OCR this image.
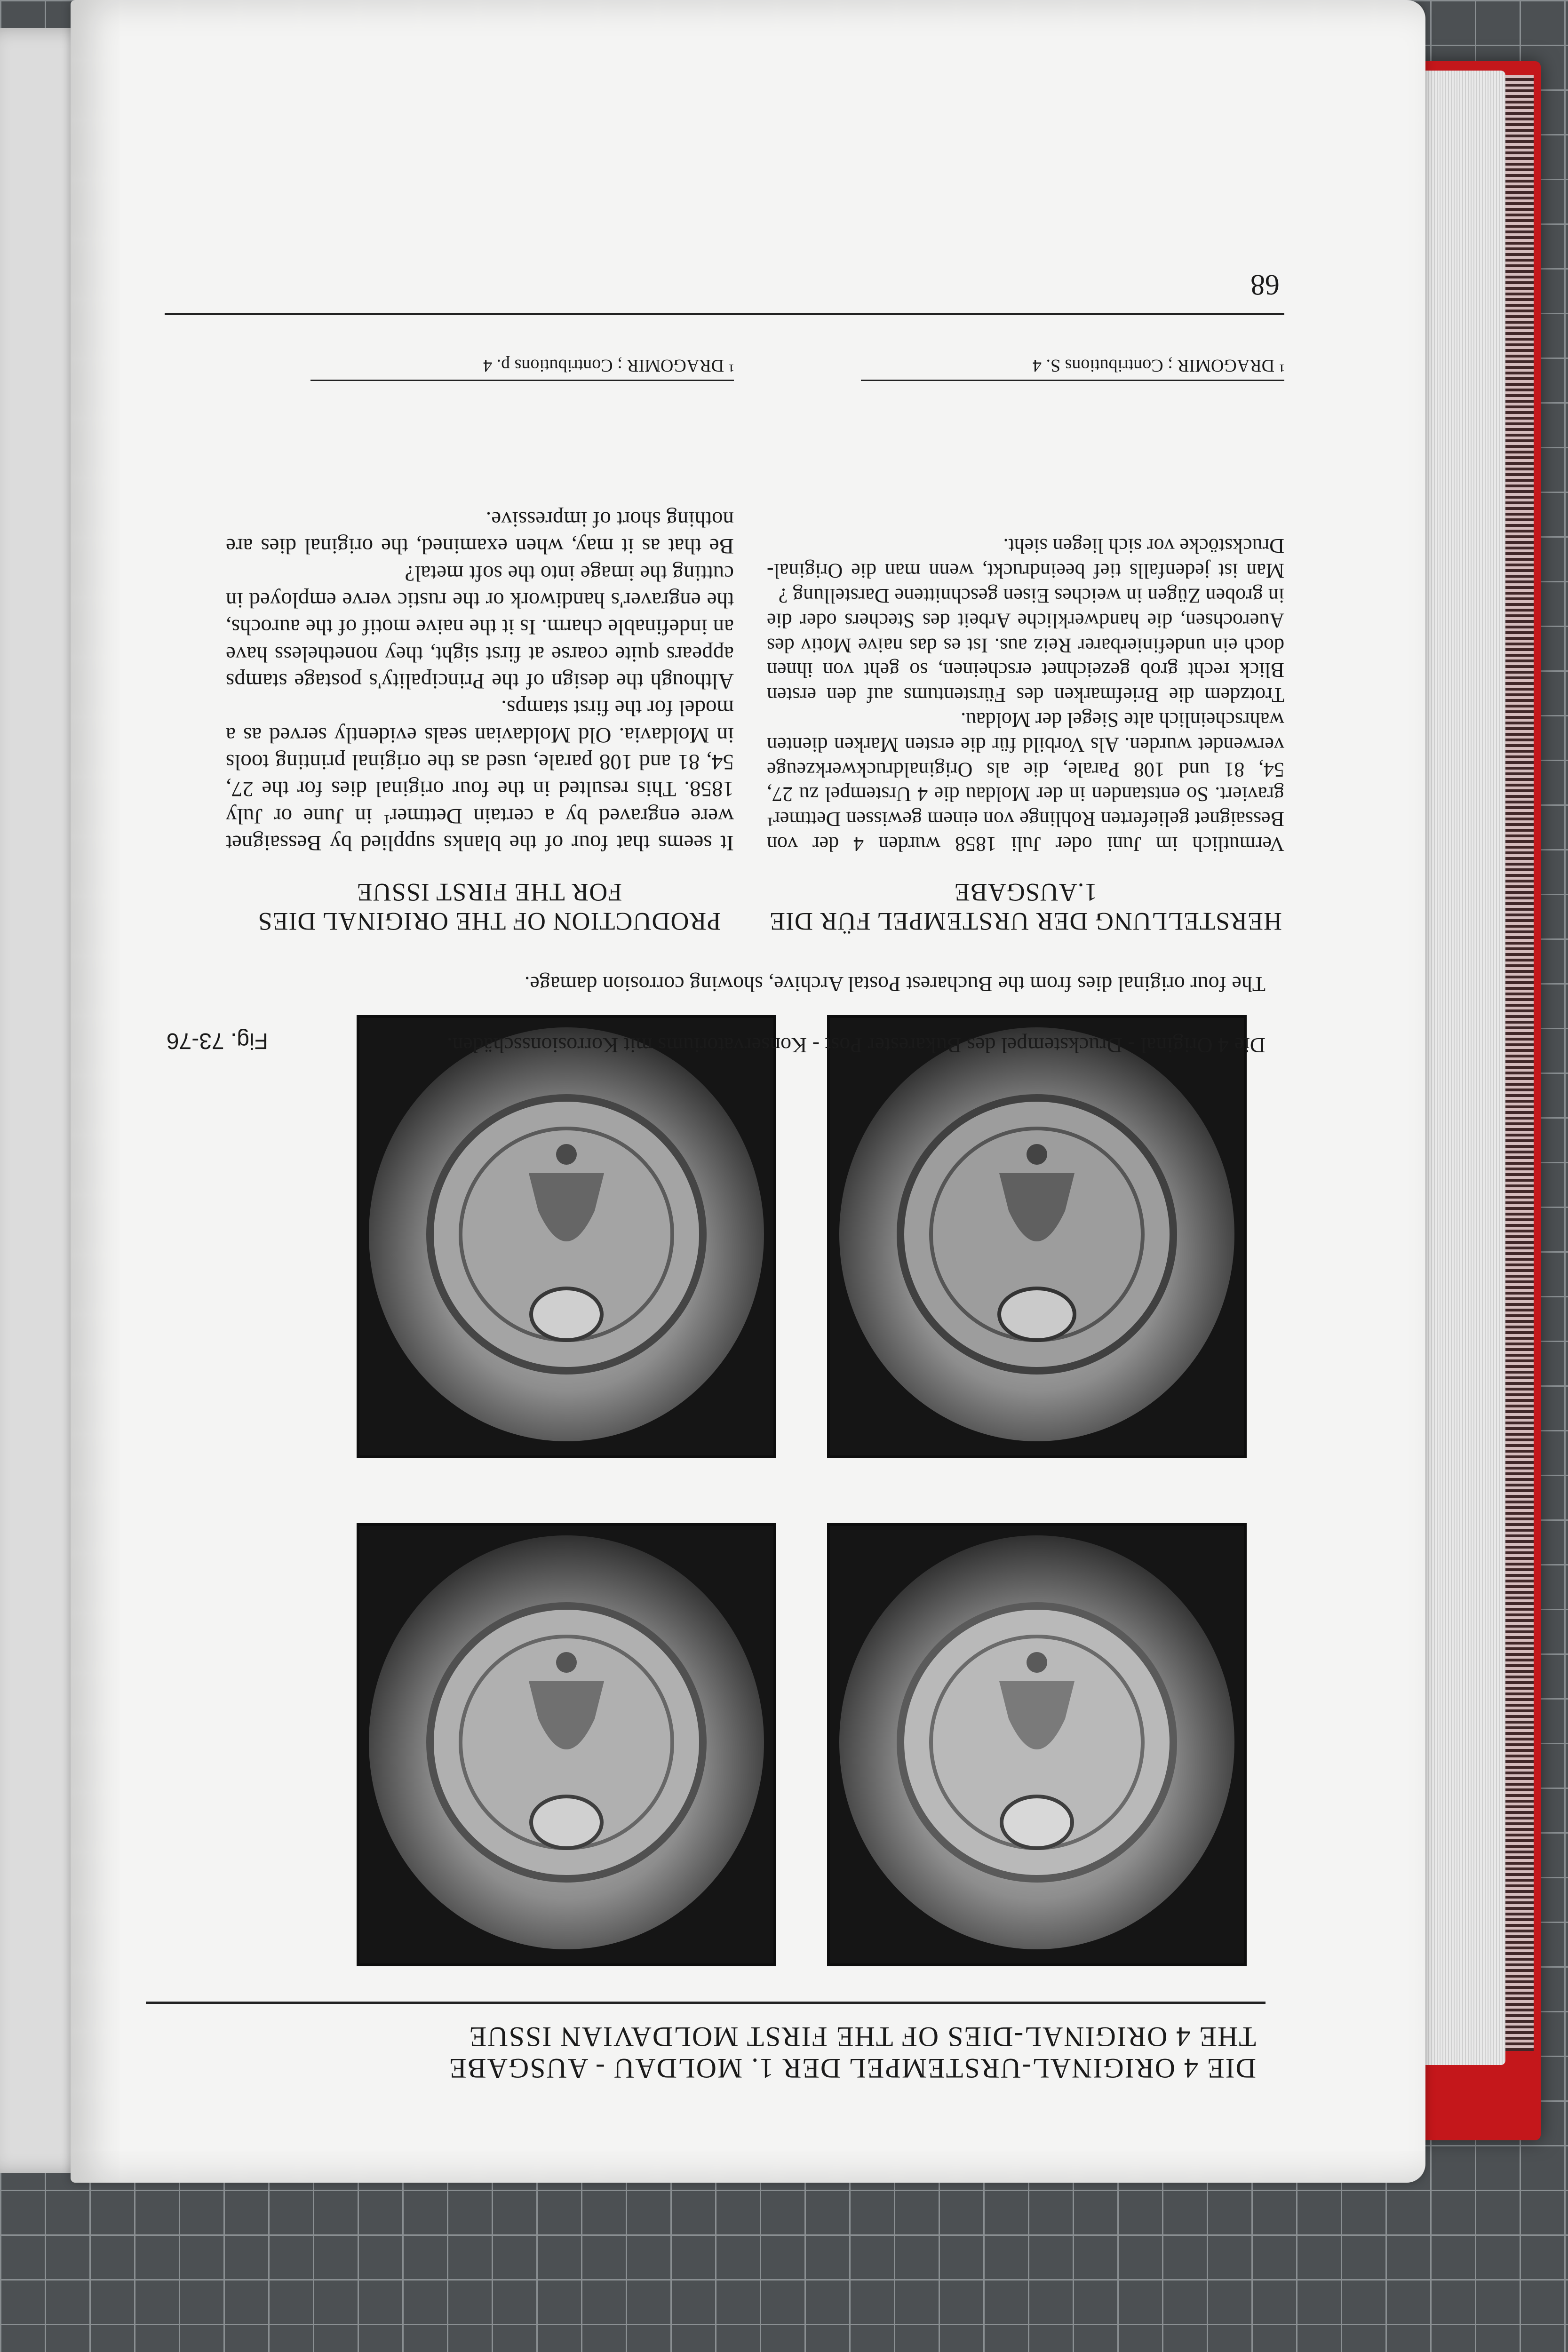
DIE 4 ORIGINAL-URSTEMPEL DER 1. MOLDAU - AUSGABE
THE 4 ORIGINAL-DIES OF THE FIRST MOLDAVIAN ISSUE
Fig. 73-76	Die 4 Original - Druckstempel des Bukarester Post - Konservatoriums mit Korrosionsschäden.
The four original dies from the Bucharest Postal Archive, showing corrosion damage.
HERSTELLUNG DER URSTEMPEL FÜR DIE 1.AUSGABE
PRODUCTION OF THE ORIGINAL DIES FOR THE FIRST ISSUE

Vermutlich im Juni oder Juli 1858 wurden 4 der von Bessaignet gelieferten Rohlinge von einem gewissen Dettmer¹ graviert. So entstanden in der Moldau die 4 Urstempel zu 27, 54, 81 und 108 Parale, die als Originaldruckwerkzeuge verwendet wurden. Als Vorbild für die ersten Marken dienten wahrscheinlich alte Siegel der Moldau.

Trotzdem die Briefmarken des Fürstentums auf den ersten Blick recht grob gezeichnet erscheinen, so geht von ihnen doch ein undefinierbarer Reiz aus. Ist es das naive Motiv des Auerochsen, die handwerkliche Arbeit des Stechers oder die in groben Zügen in weiches Eisen geschnittene Darstellung ?

Man ist jedenfalls tief beeindruckt, wenn man die Original-Druckstöcke vor sich liegen sieht.

It seems that four of the blanks supplied by Bessaignet were engraved by a certain Dettmer¹ in June or July 1858. This resulted in the four original dies for the 27, 54, 81 and 108 parale, used as the original printing tools in Moldavia. Old Moldavian seals evidently served as a model for the first stamps.

Although the design of the Principality's postage stamps appears quite coarse at first sight, they nonetheless have an indefinable charm. Is it the naive motif of the aurochs, the engraver's handiwork or the rustic verve employed in cutting the image into the soft metal?

Be that as it may, when examined, the original dies are nothing short of impressive.

¹ DRAGOMIR ; Contributions S. 4
¹ DRAGOMIR ; Contributions p. 4
68
